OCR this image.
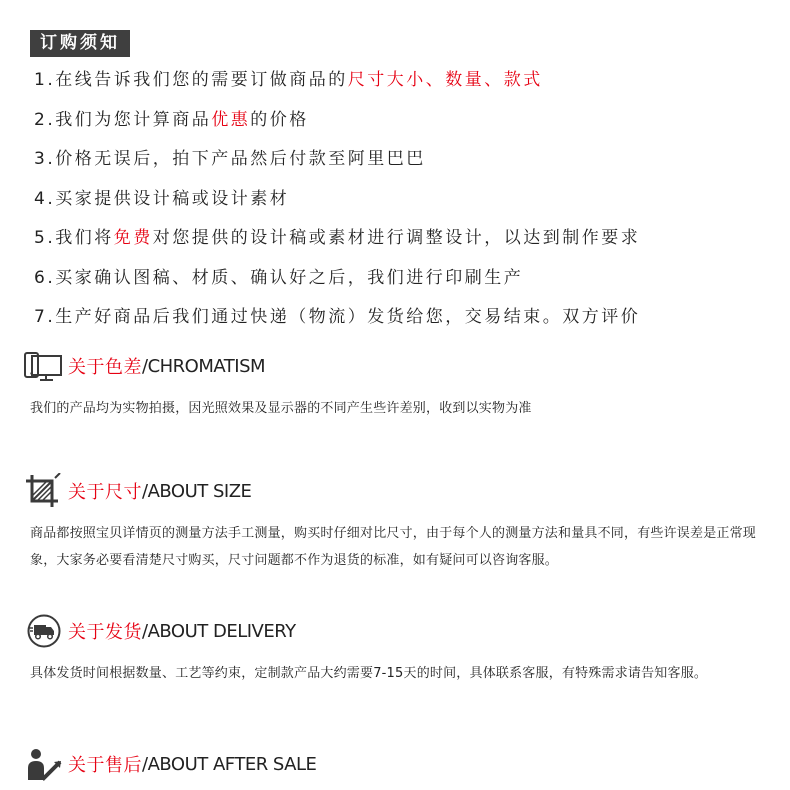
订购须知
1.在线告诉我们您的需要订做商品的尺寸大小、数量、款式
2.我们为您计算商品优惠的价格
3.价格无误后，拍下产品然后付款至阿里巴巴
4.买家提供设计稿或设计素材
5.我们将免费对您提供的设计稿或素材进行调整设计，以达到制作要求
6.买家确认图稿、材质、确认好之后，我们进行印刷生产
7.生产好商品后我们通过快递（物流）发货给您，交易结束。双方评价
关于色差 /CHROMATISM
我们的产品均为实物拍摄，因光照效果及显示器的不同产生些许差别，收到以实物为准
关于尺寸 /ABOUT SIZE
商品都按照宝贝详情页的测量方法手工测量，购买时仔细对比尺寸，由于每个人的测量方法和量具不同，有些许误差是正常现象，大家务必要看清楚尺寸购买，尺寸问题都不作为退货的标准，如有疑问可以咨询客服。
关于发货 /ABOUT DELIVERY
具体发货时间根据数量、工艺等约束，定制款产品大约需要7-15天的时间，具体联系客服，有特殊需求请告知客服。
关于售后 /ABOUT AFTER SALE
